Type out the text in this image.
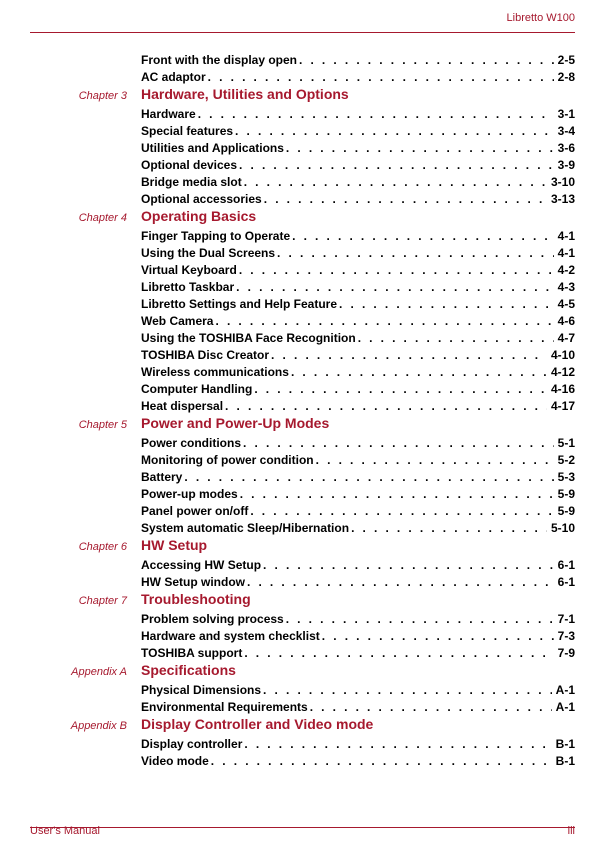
Libretto W100
Front with the display open . . .	2-5
AC adaptor . . .	2-8
Chapter 3 Hardware, Utilities and Options
Hardware . . .	3-1
Special features . . .	3-4
Utilities and Applications . . .	3-6
Optional devices . . .	3-9
Bridge media slot . . .	3-10
Optional accessories . . .	3-13
Chapter 4 Operating Basics
Finger Tapping to Operate . . .	4-1
Using the Dual Screens . . .	4-1
Virtual Keyboard . . .	4-2
Libretto Taskbar . . .	4-3
Libretto Settings and Help Feature . . .	4-5
Web Camera . . .	4-6
Using the TOSHIBA Face Recognition . . .	4-7
TOSHIBA Disc Creator . . .	4-10
Wireless communications . . .	4-12
Computer Handling . . .	4-16
Heat dispersal . . .	4-17
Chapter 5 Power and Power-Up Modes
Power conditions . . .	5-1
Monitoring of power condition . . .	5-2
Battery . . .	5-3
Power-up modes . . .	5-9
Panel power on/off . . .	5-9
System automatic Sleep/Hibernation . . .	5-10
Chapter 6 HW Setup
Accessing HW Setup . . .	6-1
HW Setup window . . .	6-1
Chapter 7 Troubleshooting
Problem solving process . . .	7-1
Hardware and system checklist . . .	7-3
TOSHIBA support . . .	7-9
Appendix A Specifications
Physical Dimensions . . .	A-1
Environmental Requirements . . .	A-1
Appendix B Display Controller and Video mode
Display controller . . .	B-1
Video mode . . .	B-1
User's Manual	iii
